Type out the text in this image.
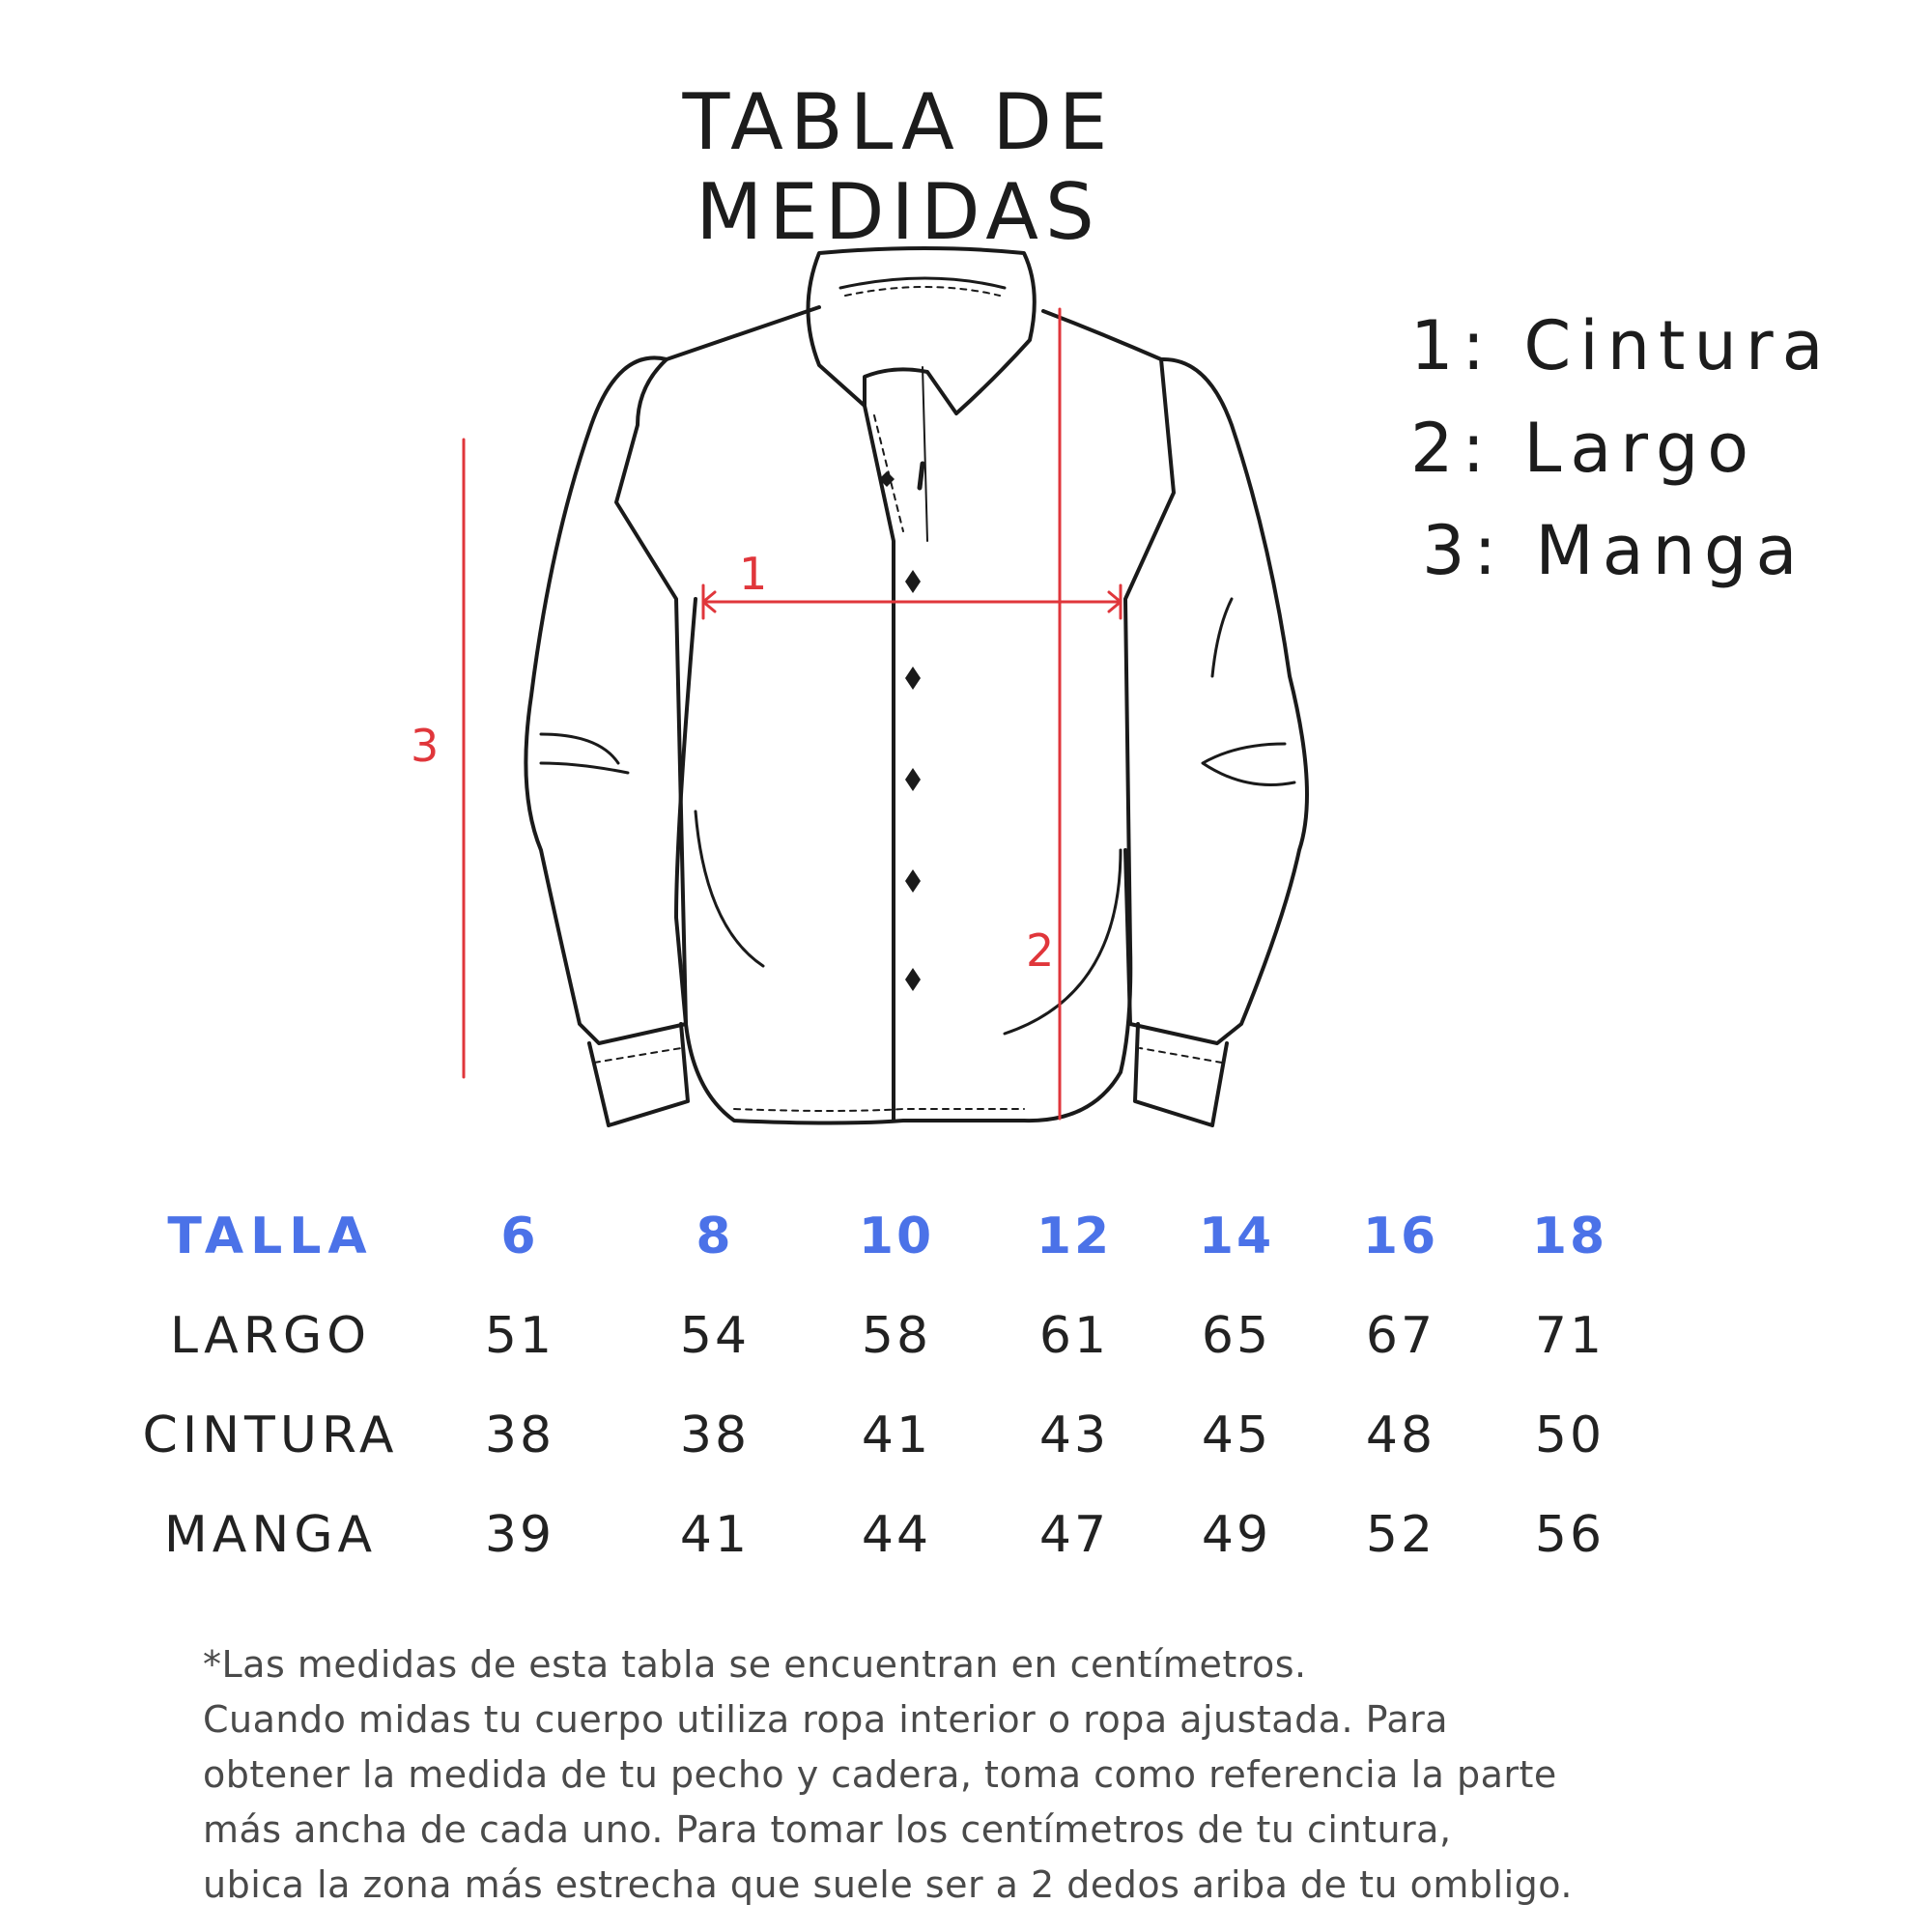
TABLA DE MEDIDAS
1
2
3
1: Cintura
2: Largo
3: Manga
TALLA	6	8	10	12	14	16	18
LARGO	51	54	58	61	65	67	71
CINTURA	38	38	41	43	45	48	50
MANGA	39	41	44	47	49	52	56
*Las medidas de esta tabla se encuentran en centímetros.
Cuando midas tu cuerpo utiliza ropa interior o ropa ajustada. Para
obtener la medida de tu pecho y cadera, toma como referencia la parte
más ancha de cada uno. Para tomar los centímetros de tu cintura,
ubica la zona más estrecha que suele ser a 2 dedos ariba de tu ombligo.
